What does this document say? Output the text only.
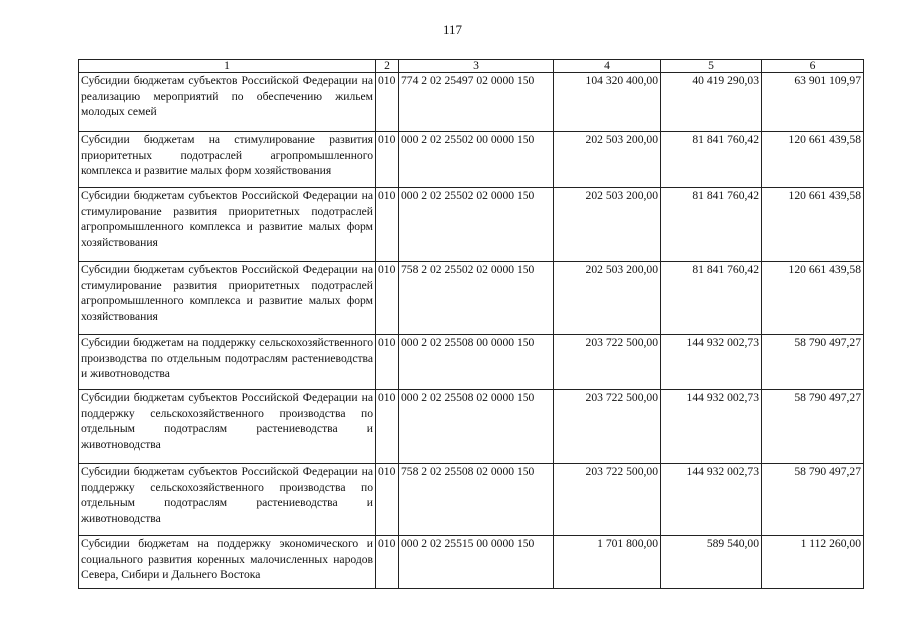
117
1	2	3	4	5	6
Субсидии бюджетам субъектов Российской Федерации на реализацию мероприятий по обеспечению жильем молодых семей	010	774 2 02 25497 02 0000 150	104 320 400,00	40 419 290,03	63 901 109,97
Субсидии бюджетам на стимулирование развития приоритетных подотраслей агропромышленного комплекса и развитие малых форм хозяйствования	010	000 2 02 25502 00 0000 150	202 503 200,00	81 841 760,42	120 661 439,58
Субсидии бюджетам субъектов Российской Федерации на стимулирование развития приоритетных подотраслей агропромышленного комплекса и развитие малых форм хозяйствования	010	000 2 02 25502 02 0000 150	202 503 200,00	81 841 760,42	120 661 439,58
Субсидии бюджетам субъектов Российской Федерации на стимулирование развития приоритетных подотраслей агропромышленного комплекса и развитие малых форм хозяйствования	010	758 2 02 25502 02 0000 150	202 503 200,00	81 841 760,42	120 661 439,58
Субсидии бюджетам на поддержку сельскохозяйственного производства по отдельным подотраслям растениеводства и животноводства	010	000 2 02 25508 00 0000 150	203 722 500,00	144 932 002,73	58 790 497,27
Субсидии бюджетам субъектов Российской Федерации на поддержку сельскохозяйственного производства по отдельным подотраслям растениеводства и животноводства	010	000 2 02 25508 02 0000 150	203 722 500,00	144 932 002,73	58 790 497,27
Субсидии бюджетам субъектов Российской Федерации на поддержку сельскохозяйственного производства по отдельным подотраслям растениеводства и животноводства	010	758 2 02 25508 02 0000 150	203 722 500,00	144 932 002,73	58 790 497,27
Субсидии бюджетам на поддержку экономического и социального развития коренных малочисленных народов Севера, Сибири и Дальнего Востока	010	000 2 02 25515 00 0000 150	1 701 800,00	589 540,00	1 112 260,00
